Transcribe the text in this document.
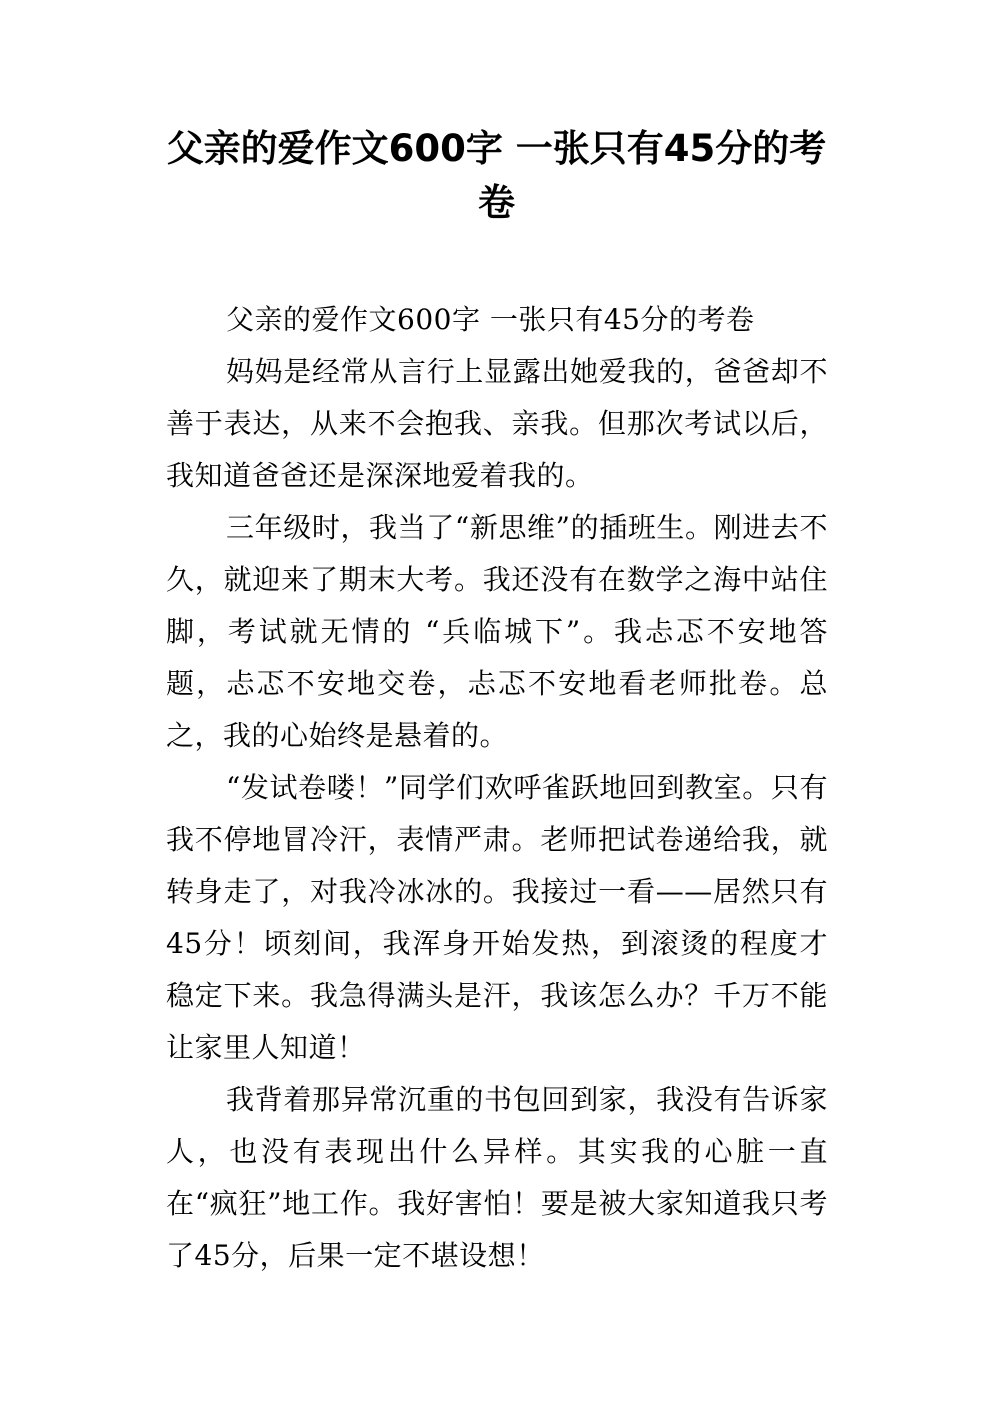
父亲的爱作文600字 一张只有45分的考卷

父亲的爱作文600字 一张只有45分的考卷

妈妈是经常从言行上显露出她爱我的，爸爸却不善于表达，从来不会抱我、亲我。但那次考试以后，我知道爸爸还是深深地爱着我的。

三年级时，我当了“新思维”的插班生。刚进去不久，就迎来了期末大考。我还没有在数学之海中站住脚，考试就无情的 “兵临城下”。我忐忑不安地答题，忐忑不安地交卷，忐忑不安地看老师批卷。总之，我的心始终是悬着的。

“发试卷喽！”同学们欢呼雀跃地回到教室。只有我不停地冒冷汗，表情严肃。老师把试卷递给我，就转身走了，对我冷冰冰的。我接过一看——居然只有45分！顷刻间，我浑身开始发热，到滚烫的程度才稳定下来。我急得满头是汗，我该怎么办？千万不能让家里人知道！

我背着那异常沉重的书包回到家，我没有告诉家人，也没有表现出什么异样。其实我的心脏一直在“疯狂”地工作。我好害怕！要是被大家知道我只考了45分，后果一定不堪设想！
